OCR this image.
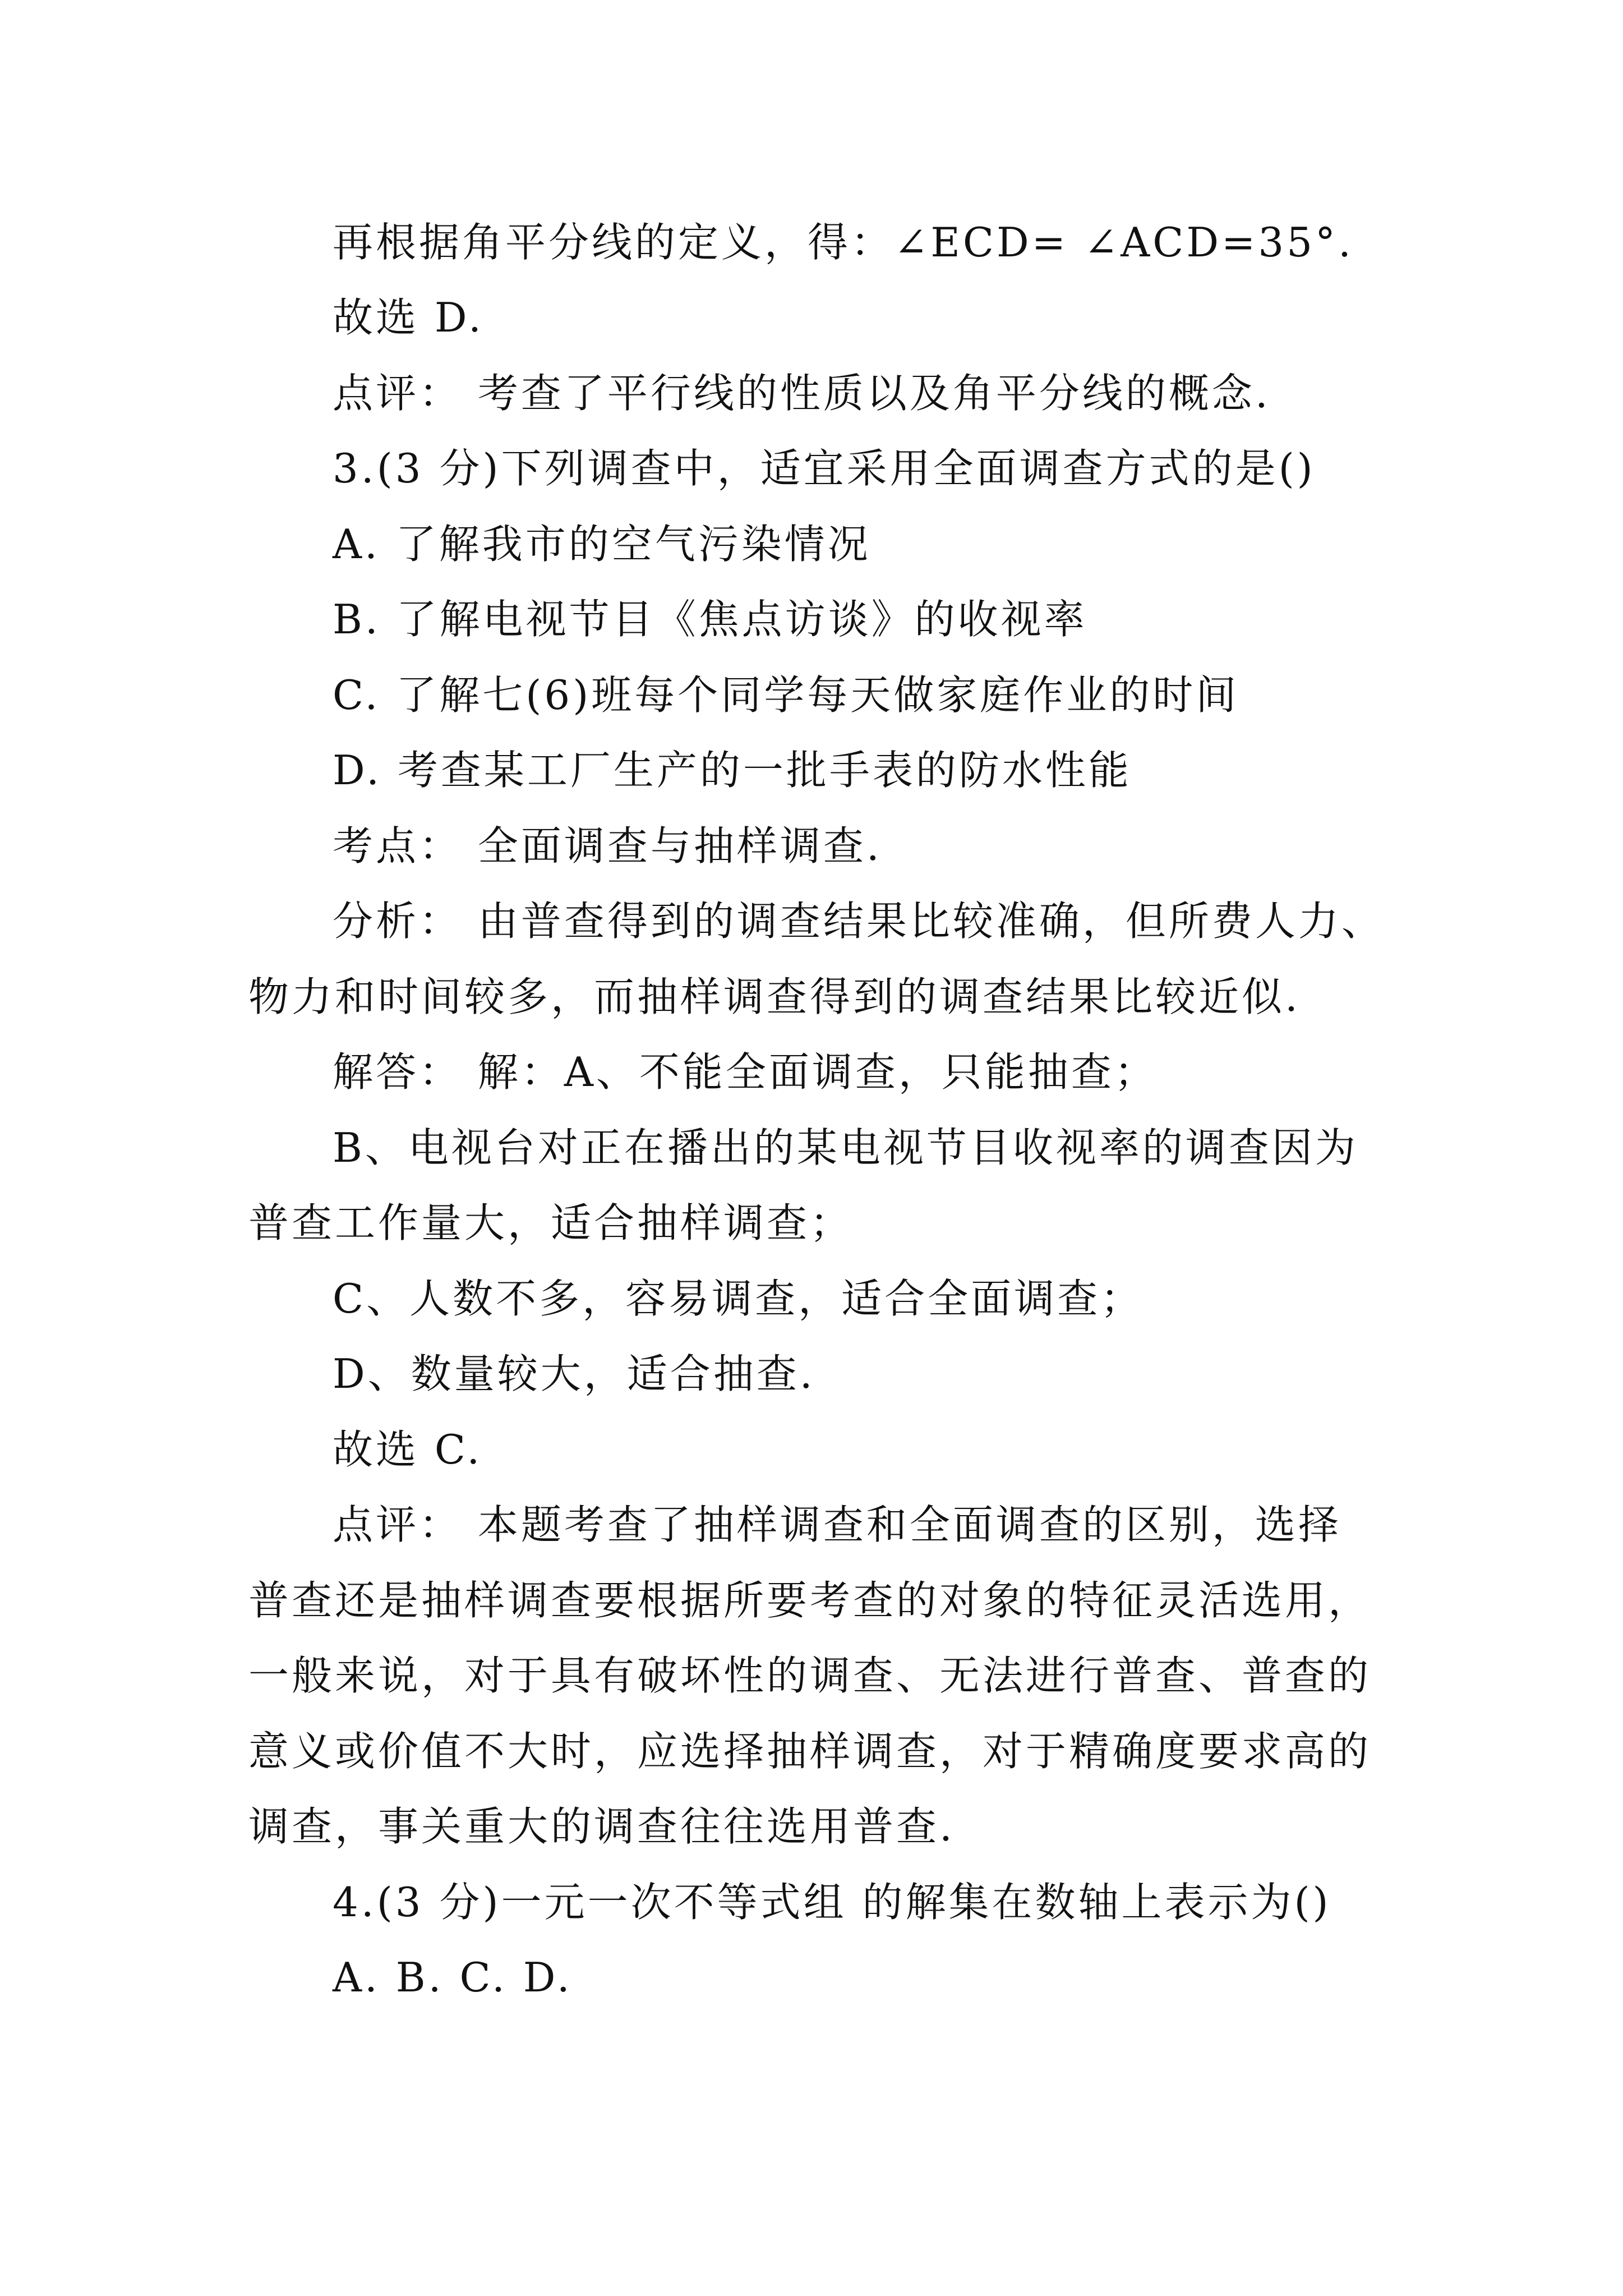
再根据角平分线的定义，得：∠ECD= ∠ACD=35°.
故选 D.
点评： 考查了平行线的性质以及角平分线的概念.
3.(3 分)下列调查中，适宜采用全面调查方式的是()
A. 了解我市的空气污染情况
B. 了解电视节目《焦点访谈》的收视率
C. 了解七(6)班每个同学每天做家庭作业的时间
D. 考查某工厂生产的一批手表的防水性能
考点： 全面调查与抽样调查.
分析： 由普查得到的调查结果比较准确，但所费人力、
物力和时间较多，而抽样调查得到的调查结果比较近似.
解答： 解：A、不能全面调查，只能抽查；
B、电视台对正在播出的某电视节目收视率的调查因为
普查工作量大，适合抽样调查；
C、人数不多，容易调查，适合全面调查；
D、数量较大，适合抽查.
故选 C.
点评： 本题考查了抽样调查和全面调查的区别，选择
普查还是抽样调查要根据所要考查的对象的特征灵活选用，
一般来说，对于具有破坏性的调查、无法进行普查、普查的
意义或价值不大时，应选择抽样调查，对于精确度要求高的
调查，事关重大的调查往往选用普查.
4.(3 分)一元一次不等式组 的解集在数轴上表示为()
A. B. C. D.
